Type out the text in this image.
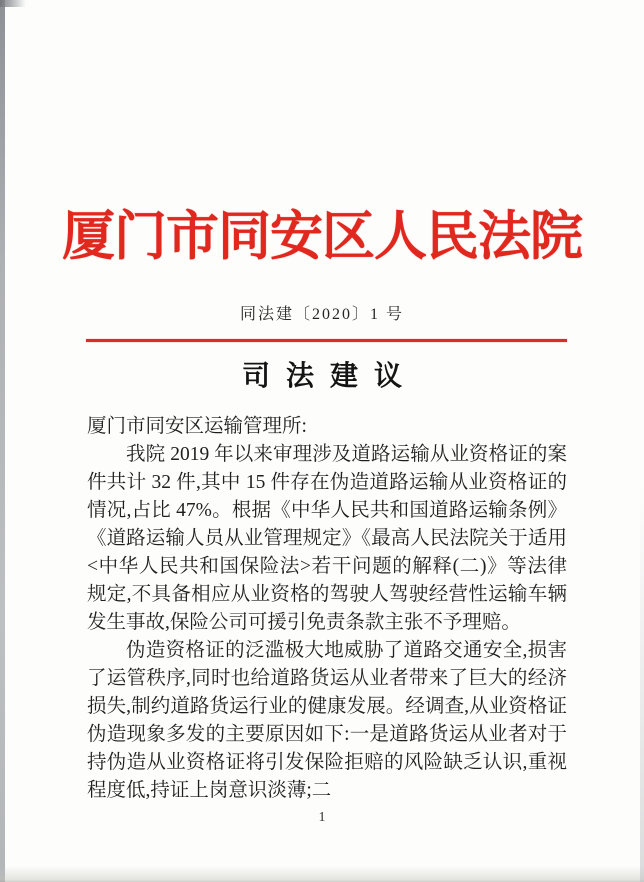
厦门市同安区人民法院
同法建〔2020〕1 号
司法建议

厦门市同安区运输管理所:

我院 2019 年以来审理涉及道路运输从业资格证的案件共计 32 件,其中 15 件存在伪造道路运输从业资格证的情况,占比 47%。根据《中华人民共和国道路运输条例》《道路运输人员从业管理规定》《最高人民法院关于适用<中华人民共和国保险法>若干问题的解释(二)》等法律规定,不具备相应从业资格的驾驶人驾驶经营性运输车辆发生事故,保险公司可援引免责条款主张不予理赔。

伪造资格证的泛滥极大地威胁了道路交通安全,损害了运管秩序,同时也给道路货运从业者带来了巨大的经济损失,制约道路货运行业的健康发展。经调查,从业资格证伪造现象多发的主要原因如下:一是道路货运从业者对于持伪造从业资格证将引发保险拒赔的风险缺乏认识,重视程度低,持证上岗意识淡薄;二

1
